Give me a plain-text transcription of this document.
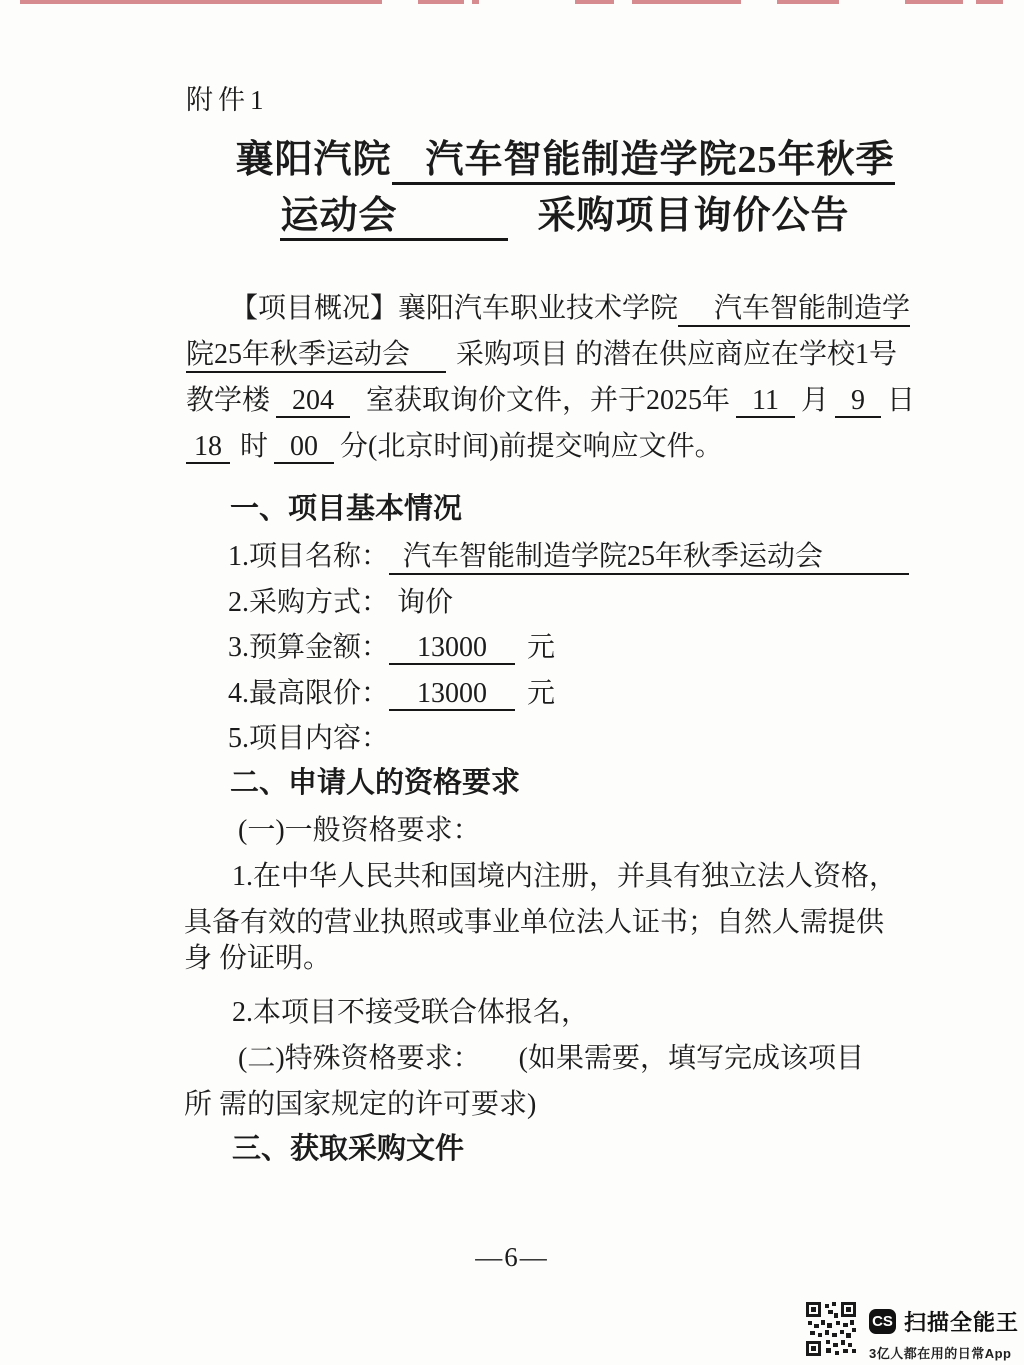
附件1
襄阳汽院 汽车智能制造学院25年秋季
运动会	采购项目询价公告
【项目概况】襄阳汽车职业技术学院 汽车智能制造学
院25年秋季运动会 采购项目 的潜在供应商应在学校1号
教学楼 204 室获取询价文件，并于2025年 11 月 9 日
18 时 00 分(北京时间)前提交响应文件。
一、项目基本情况
1.项目名称： 汽车智能制造学院25年秋季运动会
2.采购方式： 询价
3.预算金额： 13000 元
4.最高限价： 13000 元
5.项目内容：
二、申请人的资格要求
(一)一般资格要求：
1.在中华人民共和国境内注册，并具有独立法人资格，
具备有效的营业执照或事业单位法人证书；自然人需提供
身 份证明。
2.本项目不接受联合体报名，
(二)特殊资格要求： (如果需要，填写完成该项目
所 需的国家规定的许可要求)
三、获取采购文件
—6—
CS 扫描全能王
3亿人都在用的日常App
